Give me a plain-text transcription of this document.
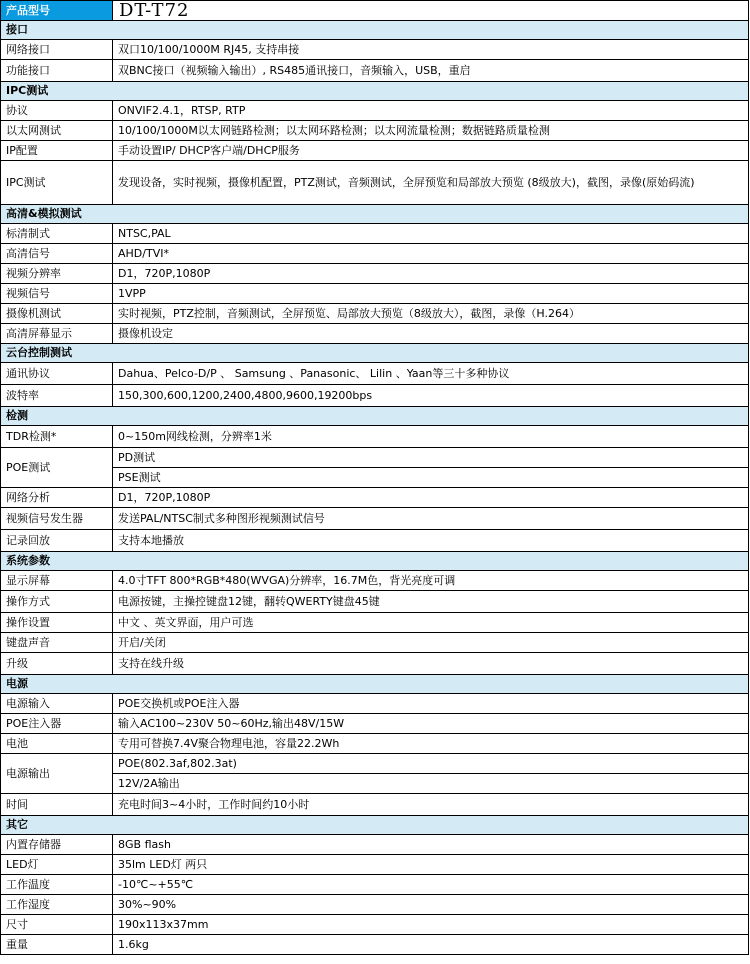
产品型号	DT-T72
接口	
网络接口	双口10/100/1000M RJ45, 支持串接
功能接口	双BNC接口（视频输入输出）, RS485通讯接口，音频输入，USB，重启
IPC测试	
协议	ONVIF2.4.1，RTSP, RTP
以太网测试	10/100/1000M以太网链路检测；以太网环路检测；以太网流量检测；数据链路质量检测
IP配置	手动设置IP/ DHCP客户端/DHCP服务
IPC测试	发现设备，实时视频，摄像机配置，PTZ测试，音频测试，全屏预览和局部放大预览 (8级放大)，截图，录像(原始码流)
高清&模拟测试	
标清制式	NTSC,PAL
高清信号	AHD/TVI*
视频分辨率	D1，720P,1080P
视频信号	1VPP
摄像机测试	实时视频，PTZ控制，音频测试，全屏预览、局部放大预览（8级放大），截图，录像（H.264）
高清屏幕显示	摄像机设定
云台控制测试	
通讯协议	Dahua、Pelco-D/P 、 Samsung 、Panasonic、 Lilin 、Yaan等三十多种协议
波特率	150,300,600,1200,2400,4800,9600,19200bps
检测	
TDR检测*	0~150m网线检测，分辨率1米
POE测试	PD测试
	PSE测试
网络分析	D1，720P,1080P
视频信号发生器	发送PAL/NTSC制式多种图形视频测试信号
记录回放	支持本地播放
系统参数	
显示屏幕	4.0寸TFT 800*RGB*480(WVGA)分辨率，16.7M色，背光亮度可调
操作方式	电源按键，主操控键盘12键，翻转QWERTY键盘45键
操作设置	中文 、英文界面，用户可选
键盘声音	开启/关闭
升级	支持在线升级
电源	
电源输入	POE交换机或POE注入器
POE注入器	输入AC100~230V 50~60Hz,输出48V/15W
电池	专用可替换7.4V聚合物理电池，容量22.2Wh
电源输出	POE(802.3af,802.3at)
	12V/2A输出
时间	充电时间3~4小时，工作时间约10小时
其它	
内置存储器	8GB flash
LED灯	35lm LED灯 两只
工作温度	-10℃~+55℃
工作湿度	30%~90%
尺寸	190x113x37mm
重量	1.6kg
